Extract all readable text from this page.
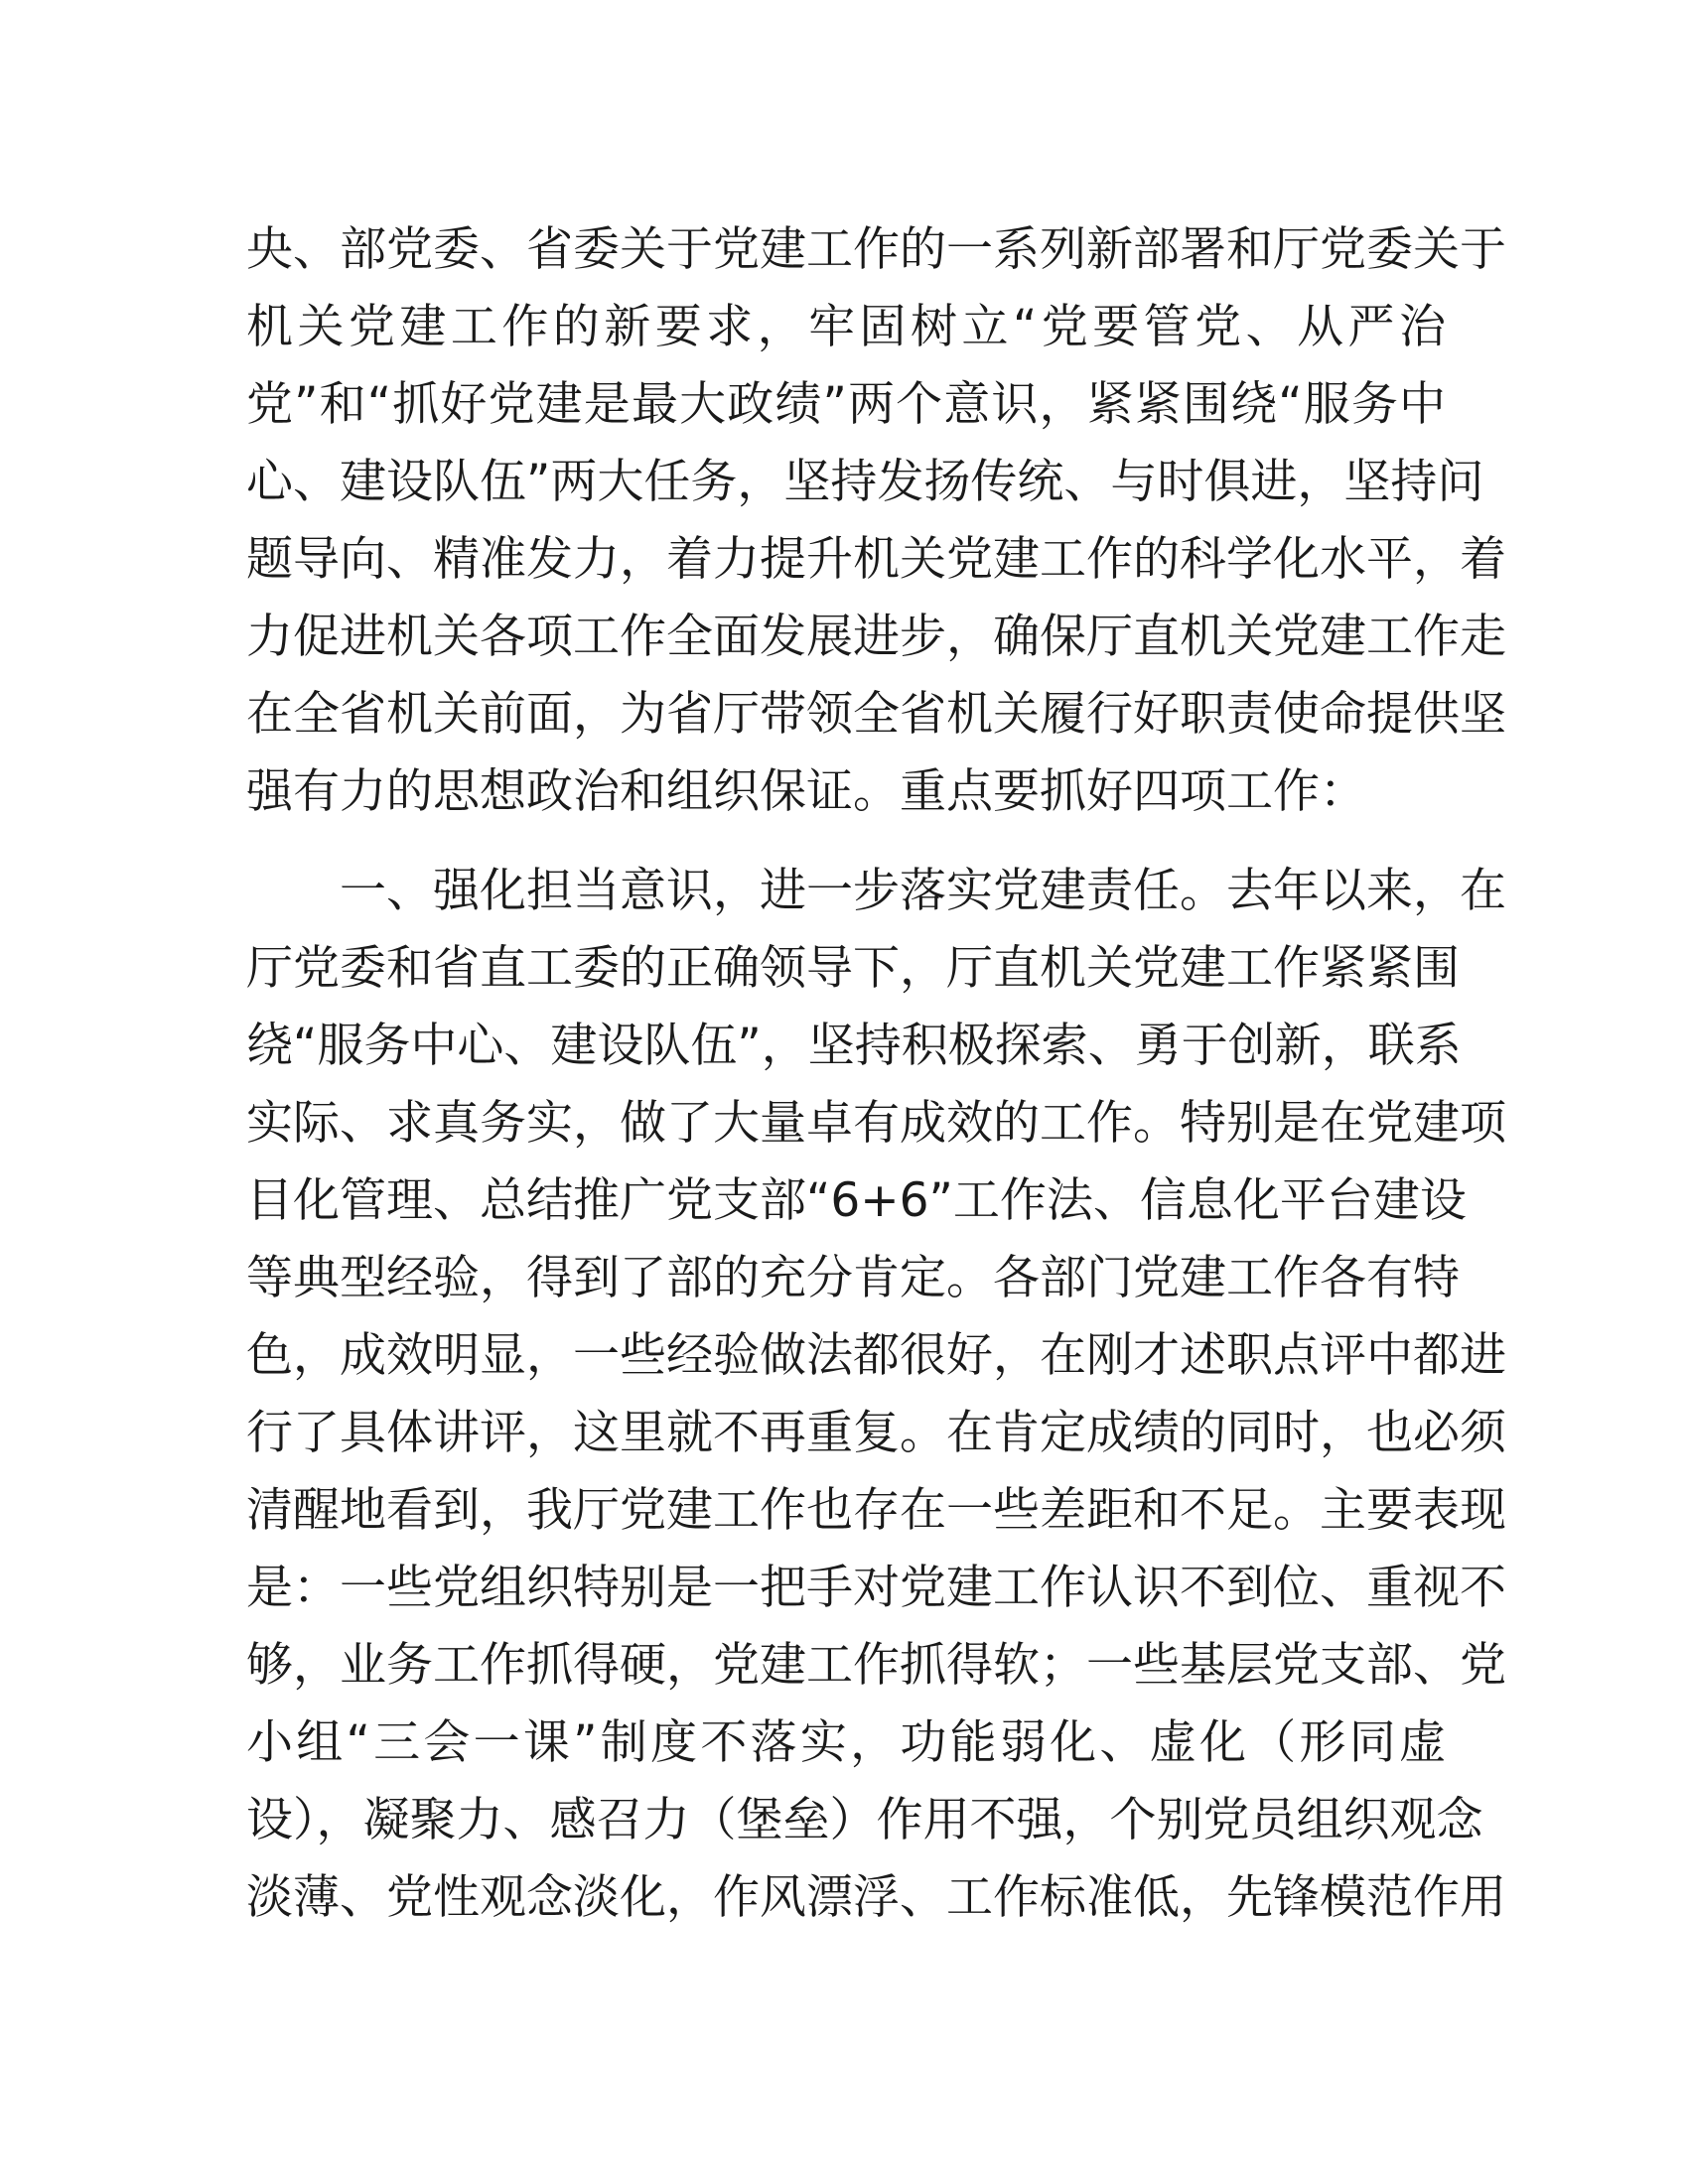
央、部党委、省委关于党建工作的一系列新部署和厅党委关于
机关党建工作的新要求，牢固树立“党要管党、从严治
党”和“抓好党建是最大政绩”两个意识，紧紧围绕“服务中
心、建设队伍”两大任务，坚持发扬传统、与时俱进，坚持问
题导向、精准发力，着力提升机关党建工作的科学化水平，着
力促进机关各项工作全面发展进步，确保厅直机关党建工作走
在全省机关前面，为省厅带领全省机关履行好职责使命提供坚
强有力的思想政治和组织保证。重点要抓好四项工作：
　　一、强化担当意识，进一步落实党建责任。去年以来，在
厅党委和省直工委的正确领导下，厅直机关党建工作紧紧围
绕“服务中心、建设队伍”，坚持积极探索、勇于创新，联系
实际、求真务实，做了大量卓有成效的工作。特别是在党建项
目化管理、总结推广党支部“6+6”工作法、信息化平台建设
等典型经验，得到了部的充分肯定。各部门党建工作各有特
色，成效明显，一些经验做法都很好，在刚才述职点评中都进
行了具体讲评，这里就不再重复。在肯定成绩的同时，也必须
清醒地看到，我厅党建工作也存在一些差距和不足。主要表现
是：一些党组织特别是一把手对党建工作认识不到位、重视不
够，业务工作抓得硬，党建工作抓得软；一些基层党支部、党
小组“三会一课”制度不落实，功能弱化、虚化（形同虚
设），凝聚力、感召力（堡垒）作用不强，个别党员组织观念
淡薄、党性观念淡化，作风漂浮、工作标准低，先锋模范作用
